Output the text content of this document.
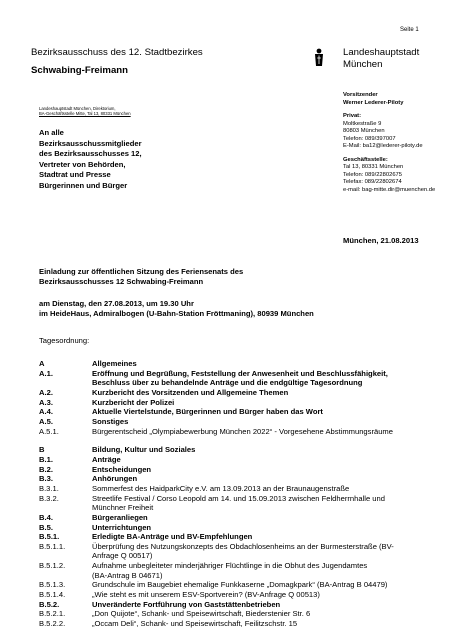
Seite 1
Bezirksausschuss des 12. Stadtbezirkes
Schwabing-Freimann
Landeshauptstadt
München
Landeshauptstadt München, Direktorium,
BA-Geschäftsstelle Mitte, Tal 13, 80331 München
An alle
Bezirksausschussmitglieder
des Bezirksausschusses 12,
Vertreter von Behörden,
Stadtrat und Presse
Bürgerinnen und Bürger
Vorsitzender
Werner Lederer-Piloty
Privat:
Moltkestraße 9
80803 München
Telefon: 089/397007
E-Mail: ba12@lederer-piloty.de
Geschäftsstelle:
Tal 13, 80331 München
Telefon: 089/22802675
Telefax: 089/22802674
e-mail: bag-mitte.dir@muenchen.de
München, 21.08.2013
Einladung zur öffentlichen Sitzung des Feriensenats des
Bezirksausschusses 12 Schwabing-Freimann
am Dienstag, den 27.08.2013, um 19.30 Uhr
im HeideHaus, Admiralbogen (U-Bahn-Station Fröttmaning), 80939 München
Tagesordnung:
A	Allgemeines
A.1.	Eröffnung und Begrüßung, Feststellung der Anwesenheit und Beschlussfähigkeit,
Beschluss über zu behandelnde Anträge und die endgültige Tagesordnung
A.2.	Kurzbericht des Vorsitzenden und Allgemeine Themen
A.3.	Kurzbericht der Polizei
A.4.	Aktuelle Viertelstunde, Bürgerinnen und Bürger haben das Wort
A.5.	Sonstiges
A.5.1.	Bürgerentscheid „Olympiabewerbung München 2022“ - Vorgesehene Abstimmungsräume
B	Bildung, Kultur und Soziales
B.1.	Anträge
B.2.	Entscheidungen
B.3.	Anhörungen
B.3.1.	Sommerfest des HaidparkCity e.V. am 13.09.2013 an der Braunaugenstraße
B.3.2.	Streetlife Festival / Corso Leopold am 14. und 15.09.2013 zwischen Feldherrnhalle und
Münchner Freiheit
B.4.	Bürgeranliegen
B.5.	Unterrichtungen
B.5.1.	Erledigte BA-Anträge und BV-Empfehlungen
B.5.1.1.	Überprüfung des Nutzungskonzepts des Obdachlosenheims an der Burmesterstraße (BV-
Anfrage Q 00517)
B.5.1.2.	Aufnahme unbegleiteter minderjähriger Flüchtlinge in die Obhut des Jugendamtes
(BA-Antrag B 04671)
B.5.1.3.	Grundschule im Baugebiet ehemalige Funkkaserne „Domagkpark“ (BA-Antrag B 04479)
B.5.1.4.	„Wie steht es mit unserem ESV-Sportverein? (BV-Anfrage Q 00513)
B.5.2.	Unveränderte Fortführung von Gaststättenbetrieben
B.5.2.1.	„Don Quijote“, Schank- und Speisewirtschaft, Biederstenier Str. 6
B.5.2.2.	„Occam Deli“, Schank- und Speisewirtschaft, Feilitzschstr. 15
